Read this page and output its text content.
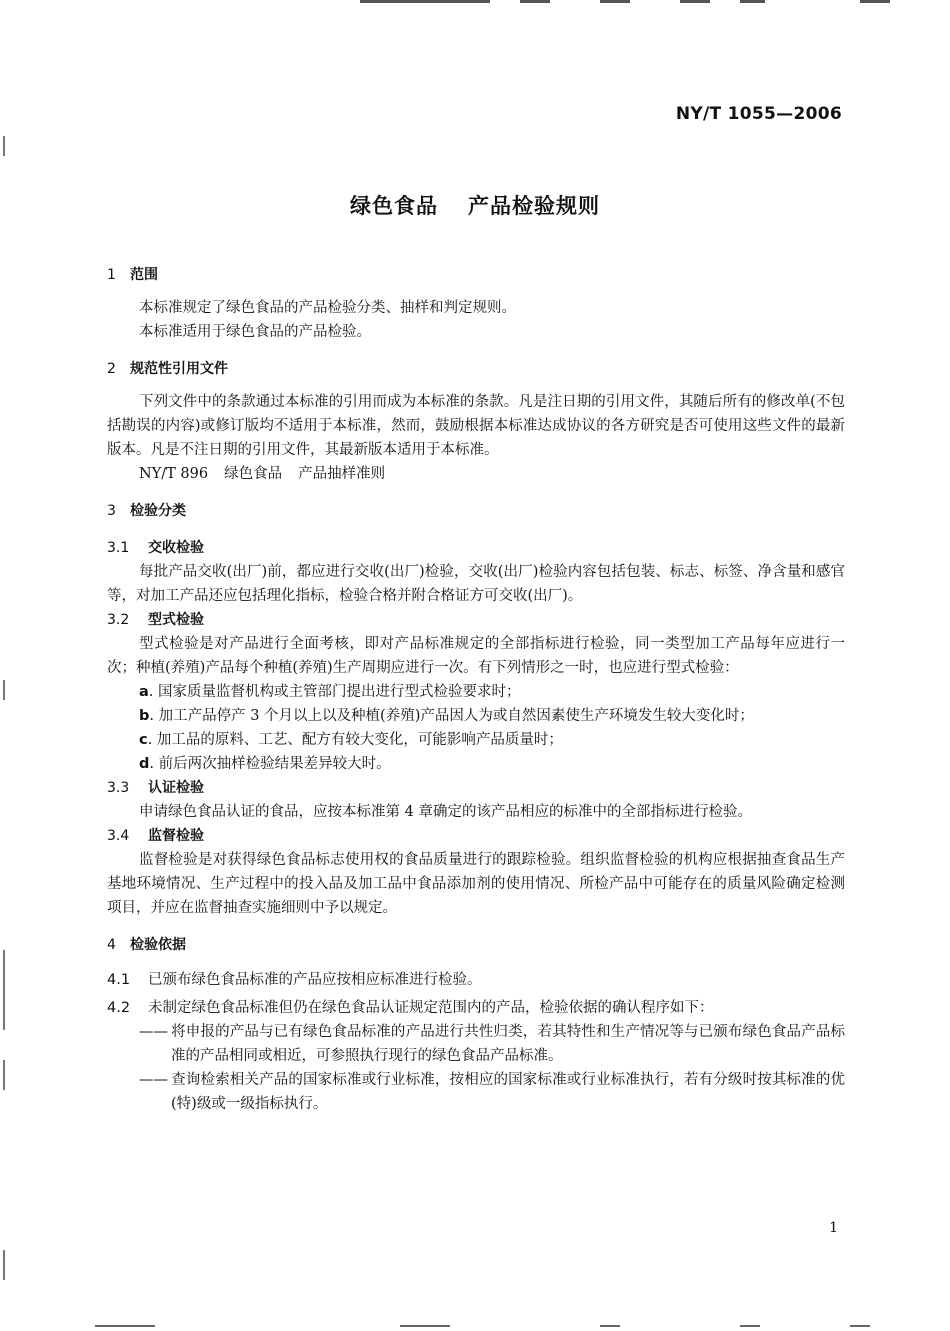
NY/T 1055—2006
绿色食品 产品检验规则
1 范围

本标准规定了绿色食品的产品检验分类、抽样和判定规则。

本标准适用于绿色食品的产品检验。

2 规范性引用文件

下列文件中的条款通过本标准的引用而成为本标准的条款。凡是注日期的引用文件，其随后所有的修改单(不包括勘误的内容)或修订版均不适用于本标准，然而，鼓励根据本标准达成协议的各方研究是否可使用这些文件的最新版本。凡是不注日期的引用文件，其最新版本适用于本标准。

NY/T 896 绿色食品 产品抽样准则

3 检验分类
3.1 交收检验

每批产品交收(出厂)前，都应进行交收(出厂)检验，交收(出厂)检验内容包括包装、标志、标签、净含量和感官等，对加工产品还应包括理化指标，检验合格并附合格证方可交收(出厂)。

3.2 型式检验

型式检验是对产品进行全面考核，即对产品标准规定的全部指标进行检验，同一类型加工产品每年应进行一次；种植(养殖)产品每个种植(养殖)生产周期应进行一次。有下列情形之一时，也应进行型式检验：

a. 国家质量监督机构或主管部门提出进行型式检验要求时；

b. 加工产品停产 3 个月以上以及种植(养殖)产品因人为或自然因素使生产环境发生较大变化时；

c. 加工品的原料、工艺、配方有较大变化，可能影响产品质量时；

d. 前后两次抽样检验结果差异较大时。

3.3 认证检验

申请绿色食品认证的食品，应按本标准第 4 章确定的该产品相应的标准中的全部指标进行检验。

3.4 监督检验

监督检验是对获得绿色食品标志使用权的食品质量进行的跟踪检验。组织监督检验的机构应根据抽查食品生产基地环境情况、生产过程中的投入品及加工品中食品添加剂的使用情况、所检产品中可能存在的质量风险确定检测项目，并应在监督抽查实施细则中予以规定。

4 检验依据

4.1 已颁布绿色食品标准的产品应按相应标准进行检验。

4.2 未制定绿色食品标准但仍在绿色食品认证规定范围内的产品，检验依据的确认程序如下：

—— 将申报的产品与已有绿色食品标准的产品进行共性归类，若其特性和生产情况等与已颁布绿色食品产品标准的产品相同或相近，可参照执行现行的绿色食品产品标准。

—— 查询检索相关产品的国家标准或行业标准，按相应的国家标准或行业标准执行，若有分级时按其标准的优(特)级或一级指标执行。

1
